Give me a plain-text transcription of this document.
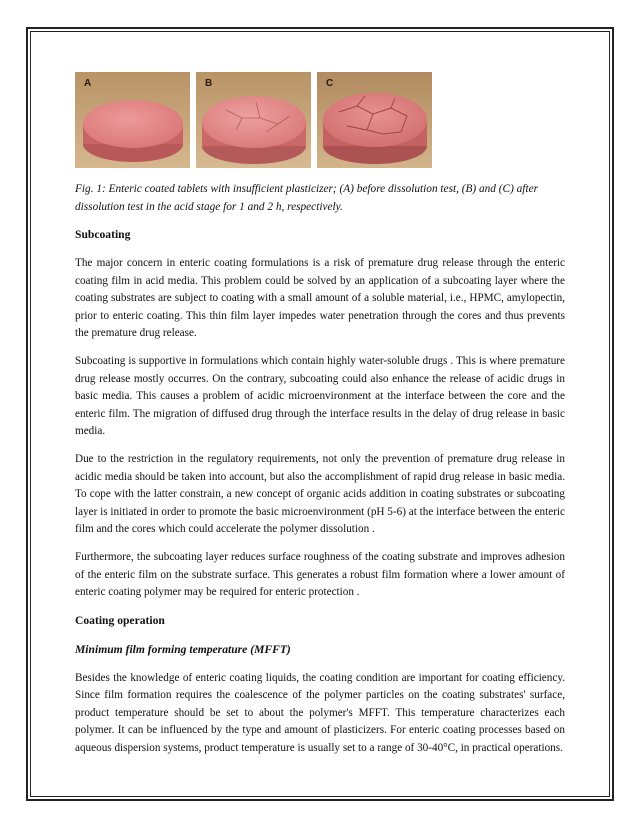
A	B	C
Fig. 1: Enteric coated tablets with insufficient plasticizer; (A) before dissolution test, (B) and (C) after dissolution test in the acid stage for 1 and 2 h, respectively.
Subcoating
The major concern in enteric coating formulations is a risk of premature drug release through the enteric coating film in acid media. This problem could be solved by an application of a subcoating layer where the coating substrates are subject to coating with a small amount of a soluble material, i.e., HPMC, amylopectin, prior to enteric coating. This thin film layer impedes water penetration through the cores and thus prevents the premature drug release.
Subcoating is supportive in formulations which contain highly water-soluble drugs . This is where premature drug release mostly occurres. On the contrary, subcoating could also enhance the release of acidic drugs in basic media. This causes a problem of acidic microenvironment at the interface between the core and the enteric film. The migration of diffused drug through the interface results in the delay of drug release in basic media.
Due to the restriction in the regulatory requirements, not only the prevention of premature drug release in acidic media should be taken into account, but also the accomplishment of rapid drug release in basic media. To cope with the latter constrain, a new concept of organic acids addition in coating substrates or subcoating layer is initiated in order to promote the basic microenvironment (pH 5-6) at the interface between the enteric film and the cores which could accelerate the polymer dissolution .
Furthermore, the subcoating layer reduces surface roughness of the coating substrate and improves adhesion of the enteric film on the substrate surface. This generates a robust film formation where a lower amount of enteric coating polymer may be required for enteric protection .
Coating operation
Minimum film forming temperature (MFFT)
Besides the knowledge of enteric coating liquids, the coating condition are important for coating efficiency. Since film formation requires the coalescence of the polymer particles on the coating substrates' surface, product temperature should be set to about the polymer's MFFT. This temperature characterizes each polymer. It can be influenced by the type and amount of plasticizers. For enteric coating processes based on aqueous dispersion systems, product temperature is usually set to a range of 30-40°C, in practical operations.
